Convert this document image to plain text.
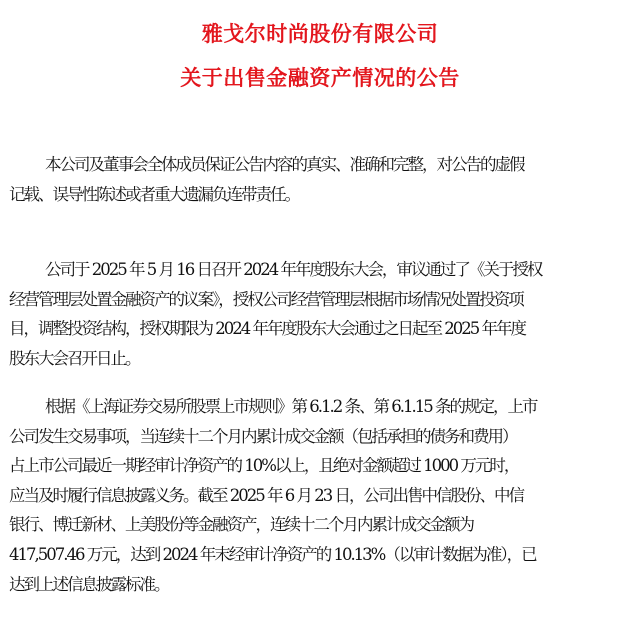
雅戈尔时尚股份有限公司
关于出售金融资产情况的公告
本公司及董事会全体成员保证公告内容的真实、准确和完整，对公告的虚假
记载、误导性陈述或者重大遗漏负连带责任。
公司于 2025 年 5 月 16 日召开 2024 年年度股东大会，审议通过了《关于授权
经营管理层处置金融资产的议案》，授权公司经营管理层根据市场情况处置投资项
目，调整投资结构，授权期限为 2024 年年度股东大会通过之日起至 2025 年年度
股东大会召开日止。
根据《上海证券交易所股票上市规则》第 6.1.2 条、第 6.1.15 条的规定，上市
公司发生交易事项，当连续十二个月内累计成交金额（包括承担的债务和费用）
占上市公司最近一期经审计净资产的 10%以上，且绝对金额超过 1000 万元时，
应当及时履行信息披露义务。截至 2025 年 6 月 23 日，公司出售中信股份、中信
银行、博迁新材、上美股份等金融资产，连续十二个月内累计成交金额为
417,507.46 万元，达到 2024 年末经审计净资产的 10.13%（以审计数据为准），已
达到上述信息披露标准。
